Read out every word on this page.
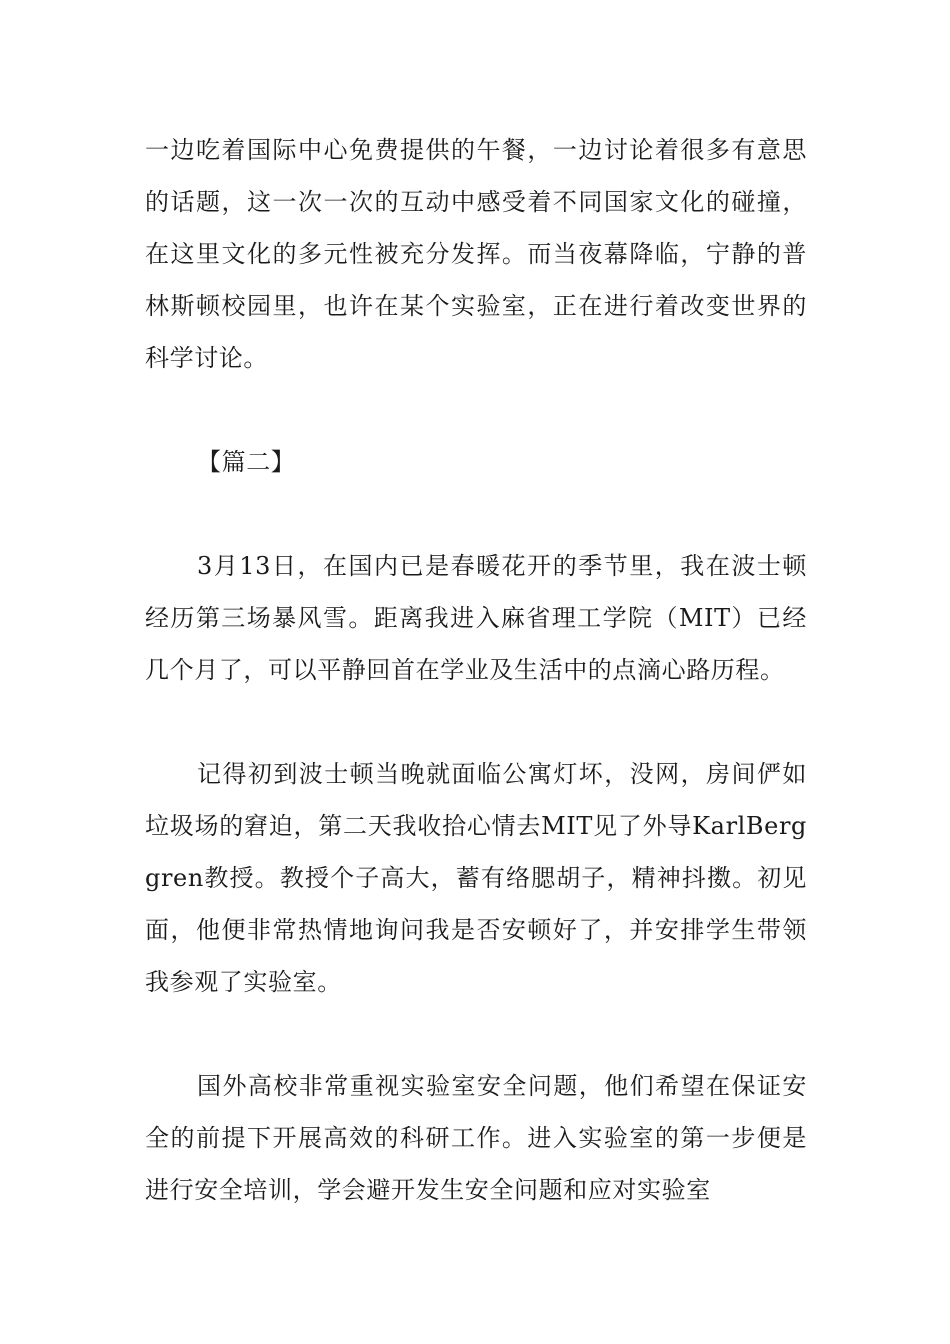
一边吃着国际中心免费提供的午餐，一边讨论着很多有意思的话题，这一次一次的互动中感受着不同国家文化的碰撞，在这里文化的多元性被充分发挥。而当夜幕降临，宁静的普林斯顿校园里，也许在某个实验室，正在进行着改变世界的科学讨论。

【篇二】

3月13日，在国内已是春暖花开的季节里，我在波士顿经历第三场暴风雪。距离我进入麻省理工学院（MIT）已经几个月了，可以平静回首在学业及生活中的点滴心路历程。

记得初到波士顿当晚就面临公寓灯坏，没网，房间俨如垃圾场的窘迫，第二天我收拾心情去MIT见了外导KarlBerggren教授。教授个子高大，蓄有络腮胡子，精神抖擞。初见面，他便非常热情地询问我是否安顿好了，并安排学生带领我参观了实验室。

国外高校非常重视实验室安全问题，他们希望在保证安全的前提下开展高效的科研工作。进入实验室的第一步便是进行安全培训，学会避开发生安全问题和应对实验室
